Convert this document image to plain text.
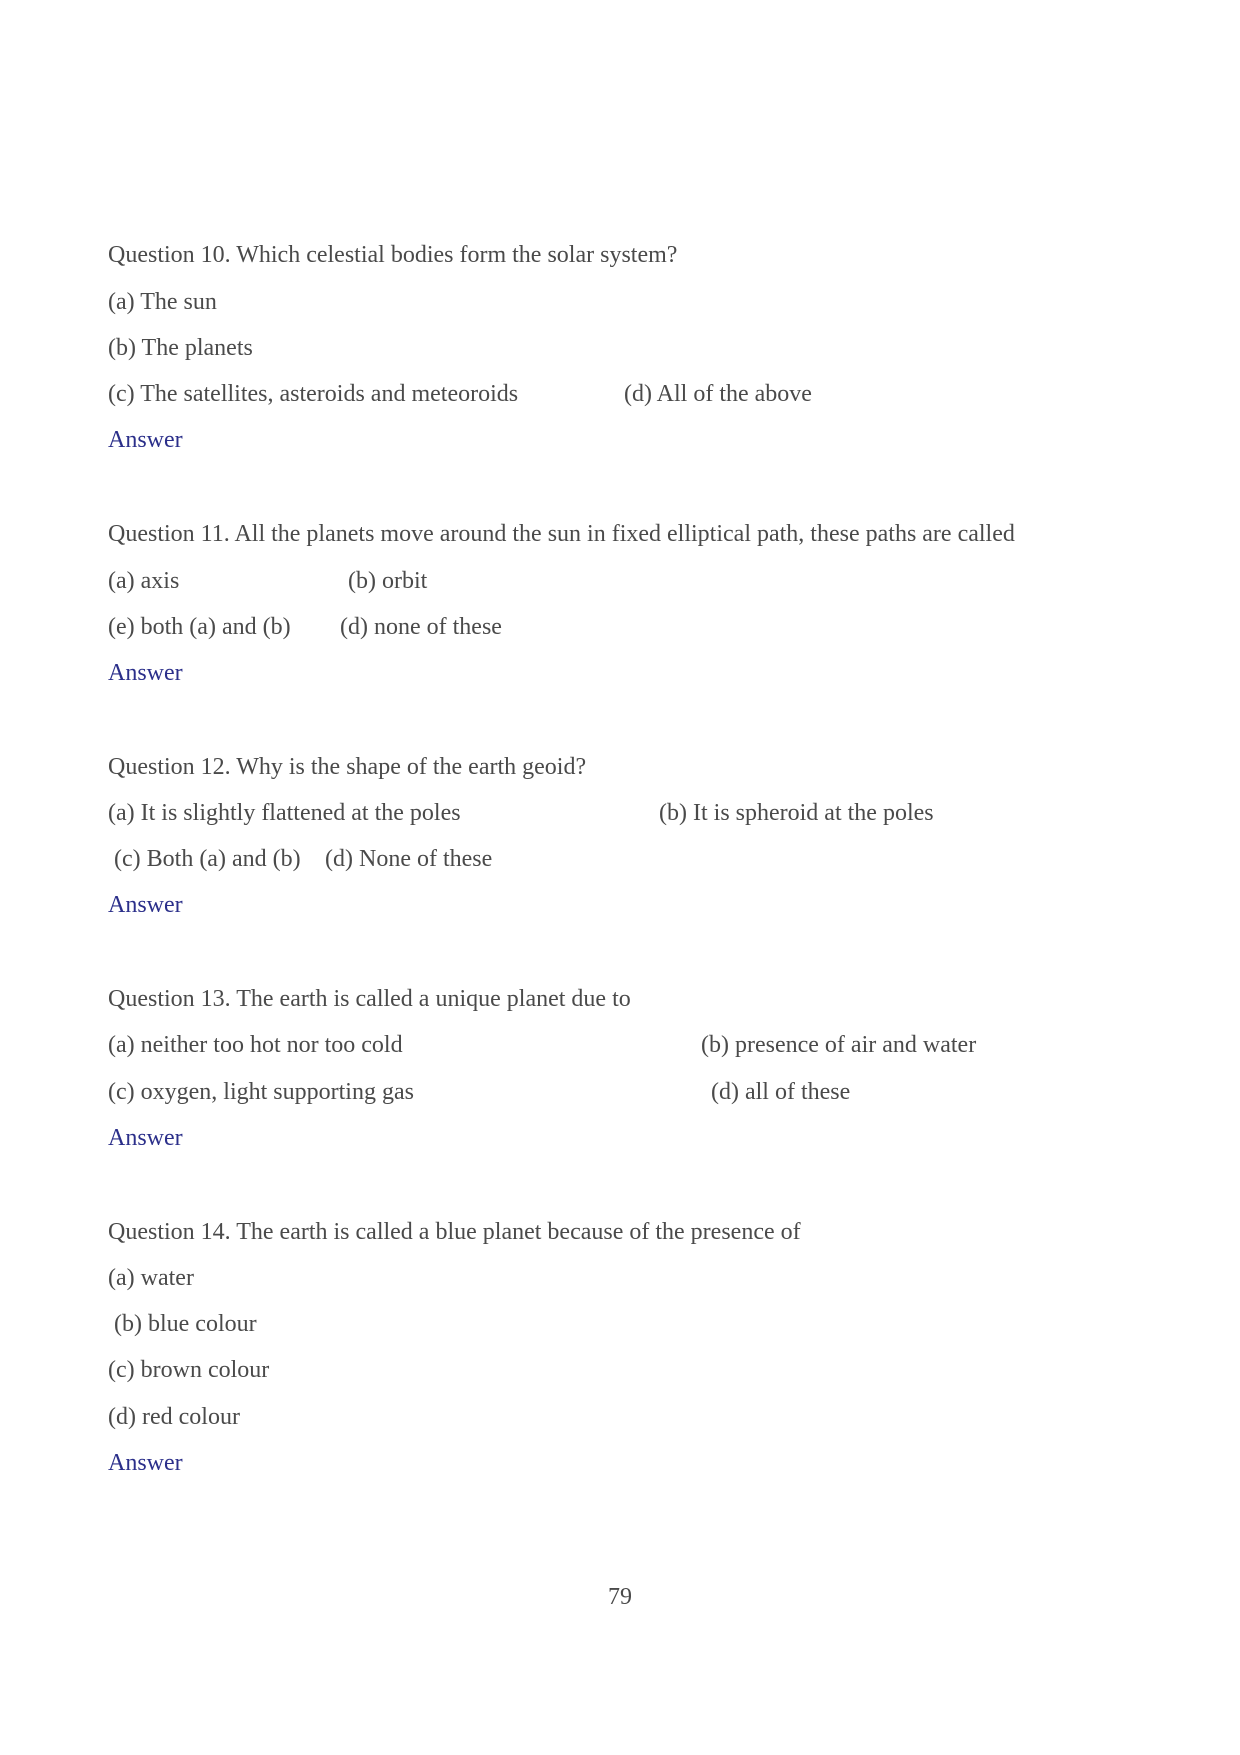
Question 10. Which celestial bodies form the solar system?
(a) The sun
(b) The planets
(c) The satellites, asteroids and meteoroids	(d) All of the above
Answer
Question 11. All the planets move around the sun in fixed elliptical path, these paths are called
(a) axis	(b) orbit
(e) both (a) and (b) (d) none of these
Answer
Question 12. Why is the shape of the earth geoid?
(a) It is slightly flattened at the poles	(b) It is spheroid at the poles
(c) Both (a) and (b) (d) None of these
Answer
Question 13. The earth is called a unique planet due to
(a) neither too hot nor too cold	(b) presence of air and water
(c) oxygen, light supporting gas	(d) all of these
Answer
Question 14. The earth is called a blue planet because of the presence of
(a) water
(b) blue colour
(c) brown colour
(d) red colour
Answer
79
